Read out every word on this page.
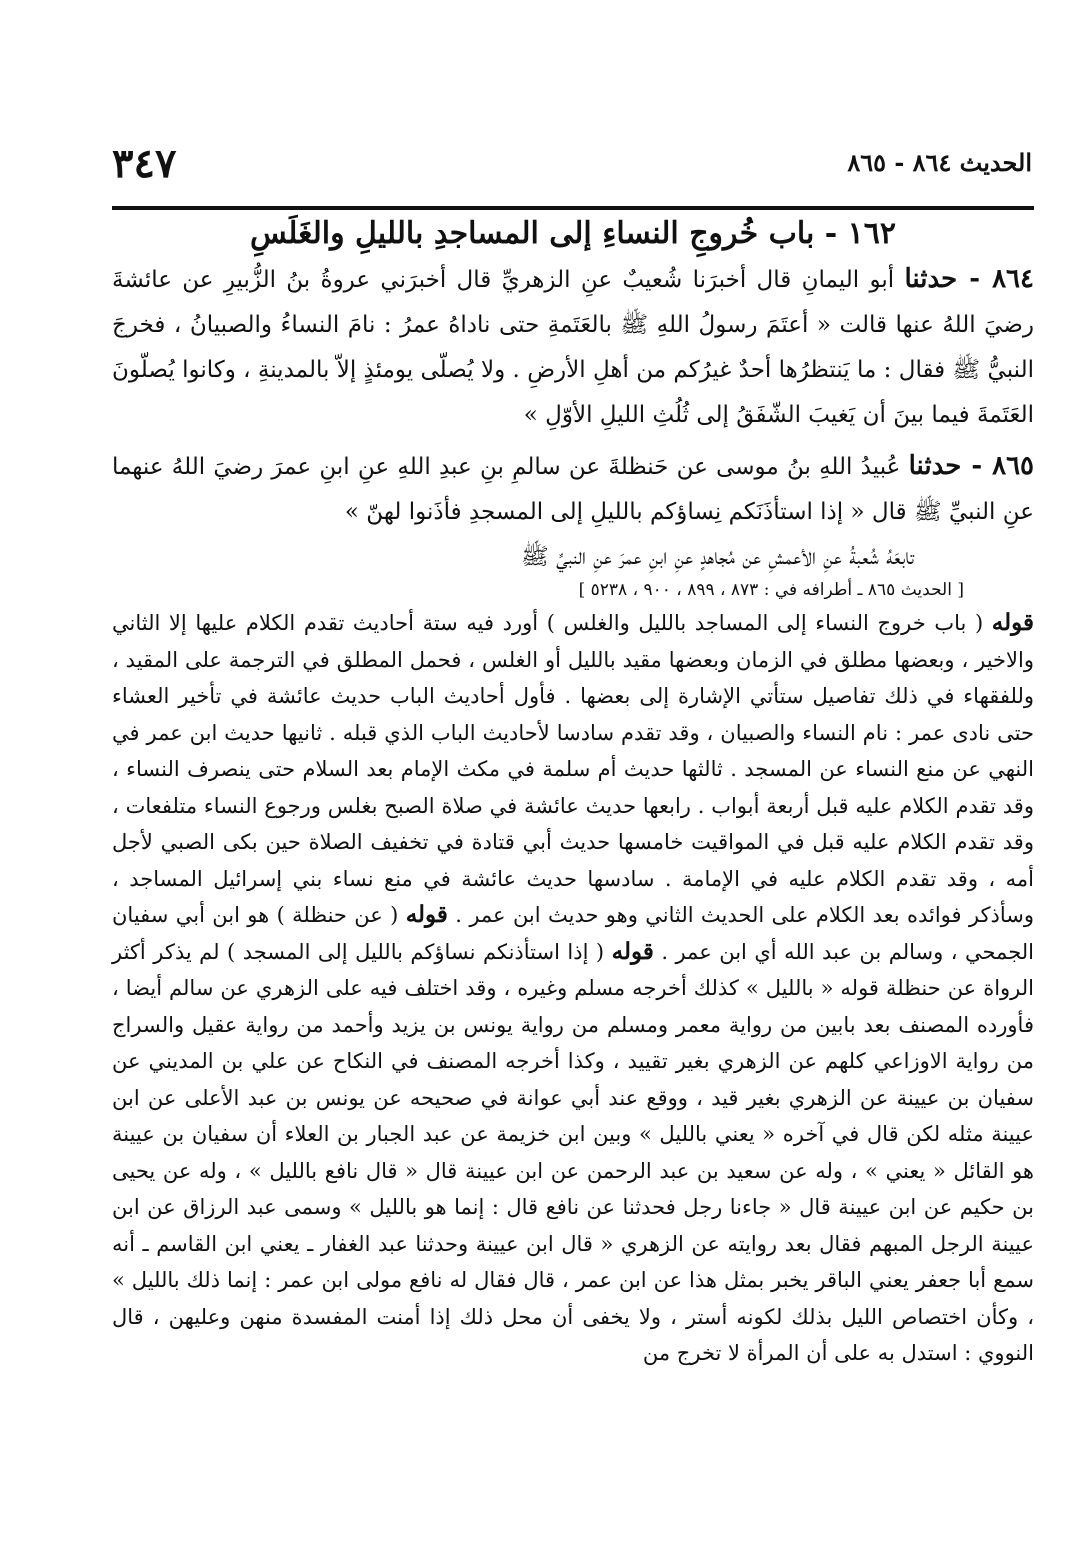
الحديث ٨٦٤ - ٨٦٥
٣٤٧
١٦٢ - باب خُروجِ النساءِ إلى المساجدِ بالليلِ والغَلَسِ

٨٦٤ - حدثنا أبو اليمانِ قال أخبرَنا شُعيبٌ عنِ الزهريِّ قال أخبرَني عروةُ بنُ الزُّبيرِ عن عائشةَ رضيَ اللهُ عنها قالت « أعتَمَ رسولُ اللهِ ﷺ بالعَتَمةِ حتى ناداهُ عمرُ : نامَ النساءُ والصبيانُ ، فخرجَ النبيُّ ﷺ فقال : ما يَنتظرُها أحدٌ غيرُكم من أهلِ الأرضِ . ولا يُصلّى يومئذٍ إلاّ بالمدينةِ ، وكانوا يُصلّونَ العَتَمةَ فيما بينَ أن يَغيبَ الشّفَقُ إلى ثُلُثِ الليلِ الأوّلِ »

٨٦٥ - حدثنا عُبيدُ اللهِ بنُ موسى عن حَنظلةَ عن سالمِ بنِ عبدِ اللهِ عنِ ابنِ عمرَ رضيَ اللهُ عنهما عنِ النبيِّ ﷺ قال « إذا استأذَنَكم نِساؤكم بالليلِ إلى المسجدِ فأذَنوا لهنّ »

تابعَهُ شُعبةُ عنِ الأعمشِ عن مُجاهدٍ عنِ ابنِ عمرَ عنِ النبيِّ ﷺ

[ الحديث ٨٦٥ ـ أطرافه في : ٨٧٣ ، ٨٩٩ ، ٩٠٠ ، ٥٢٣٨ ]

قوله ( باب خروج النساء إلى المساجد بالليل والغلس ) أورد فيه ستة أحاديث تقدم الكلام عليها إلا الثاني والاخير ، وبعضها مطلق في الزمان وبعضها مقيد بالليل أو الغلس ، فحمل المطلق في الترجمة على المقيد ، وللفقهاء في ذلك تفاصيل ستأتي الإشارة إلى بعضها . فأول أحاديث الباب حديث عائشة في تأخير العشاء حتى نادى عمر : نام النساء والصبيان ، وقد تقدم سادسا لأحاديث الباب الذي قبله . ثانيها حديث ابن عمر في النهي عن منع النساء عن المسجد . ثالثها حديث أم سلمة في مكث الإمام بعد السلام حتى ينصرف النساء ، وقد تقدم الكلام عليه قبل أربعة أبواب . رابعها حديث عائشة في صلاة الصبح بغلس ورجوع النساء متلفعات ، وقد تقدم الكلام عليه قبل في المواقيت خامسها حديث أبي قتادة في تخفيف الصلاة حين بكى الصبي لأجل أمه ، وقد تقدم الكلام عليه في الإمامة . سادسها حديث عائشة في منع نساء بني إسرائيل المساجد ، وسأذكر فوائده بعد الكلام على الحديث الثاني وهو حديث ابن عمر . قوله ( عن حنظلة ) هو ابن أبي سفيان الجمحي ، وسالم بن عبد الله أي ابن عمر . قوله ( إذا استأذنكم نساؤكم بالليل إلى المسجد ) لم يذكر أكثر الرواة عن حنظلة قوله « بالليل » كذلك أخرجه مسلم وغيره ، وقد اختلف فيه على الزهري عن سالم أيضا ، فأورده المصنف بعد بابين من رواية معمر ومسلم من رواية يونس بن يزيد وأحمد من رواية عقيل والسراج من رواية الاوزاعي كلهم عن الزهري بغير تقييد ، وكذا أخرجه المصنف في النكاح عن علي بن المديني عن سفيان بن عيينة عن الزهري بغير قيد ، ووقع عند أبي عوانة في صحيحه عن يونس بن عبد الأعلى عن ابن عيينة مثله لكن قال في آخره « يعني بالليل » وبين ابن خزيمة عن عبد الجبار بن العلاء أن سفيان بن عيينة هو القائل « يعني » ، وله عن سعيد بن عبد الرحمن عن ابن عيينة قال « قال نافع بالليل » ، وله عن يحيى بن حكيم عن ابن عيينة قال « جاءنا رجل فحدثنا عن نافع قال : إنما هو بالليل » وسمى عبد الرزاق عن ابن عيينة الرجل المبهم فقال بعد روايته عن الزهري « قال ابن عيينة وحدثنا عبد الغفار ـ يعني ابن القاسم ـ أنه سمع أبا جعفر يعني الباقر يخبر بمثل هذا عن ابن عمر ، قال فقال له نافع مولى ابن عمر : إنما ذلك بالليل » ، وكأن اختصاص الليل بذلك لكونه أستر ، ولا يخفى أن محل ذلك إذا أمنت المفسدة منهن وعليهن ، قال النووي : استدل به على أن المرأة لا تخرج من
